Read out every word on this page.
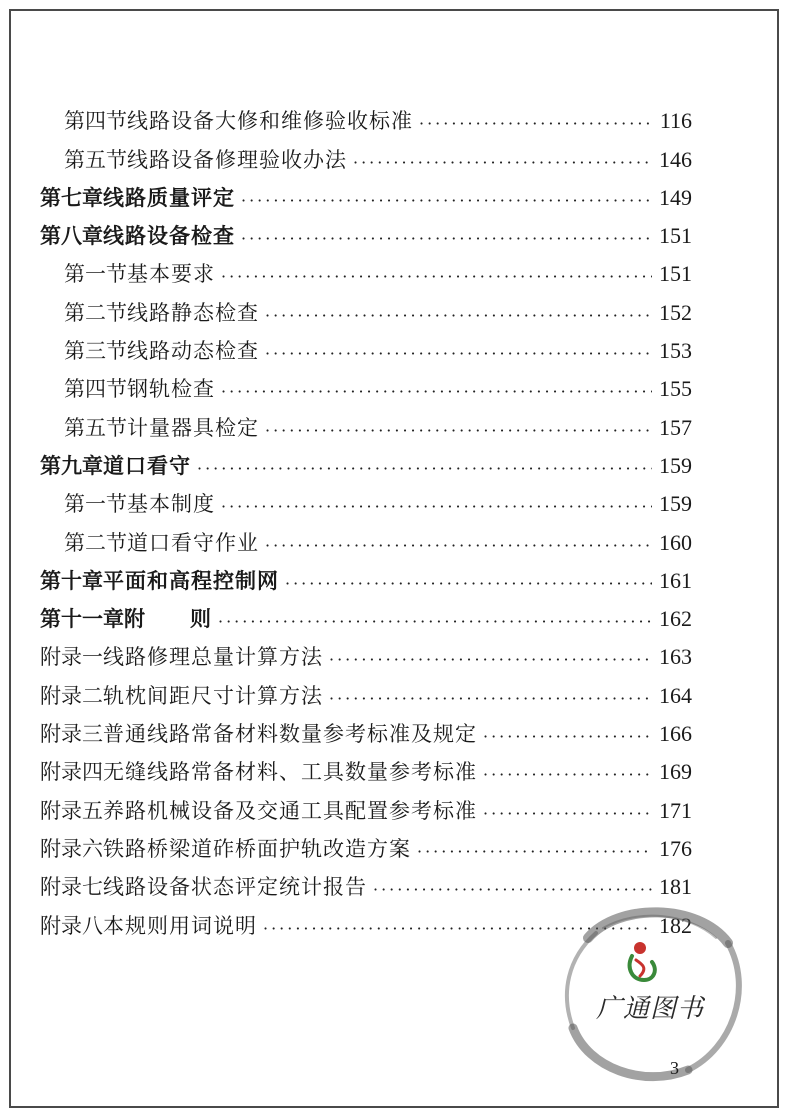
第四节 线路设备大修和维修验收标准 ·····	116
第五节 线路设备修理验收办法 ·····	146
第七章 线路质量评定 ·····	149
第八章 线路设备检查 ·····	151
第一节 基本要求 ·····	151
第二节 线路静态检查 ·····	152
第三节 线路动态检查 ·····	153
第四节 钢轨检查 ·····	155
第五节 计量器具检定 ·····	157
第九章 道口看守 ·····	159
第一节 基本制度 ·····	159
第二节 道口看守作业 ·····	160
第十章 平面和高程控制网 ·····	161
第十一章 附　　则 ·····	162
附录一 线路修理总量计算方法 ·····	163
附录二 轨枕间距尺寸计算方法 ·····	164
附录三 普通线路常备材料数量参考标准及规定 ·····	166
附录四 无缝线路常备材料、工具数量参考标准 ·····	169
附录五 养路机械设备及交通工具配置参考标准 ·····	171
附录六 铁路桥梁道砟桥面护轨改造方案 ·····	176
附录七 线路设备状态评定统计报告 ·····	181
附录八 本规则用词说明 ·····	182
广通图书
3
